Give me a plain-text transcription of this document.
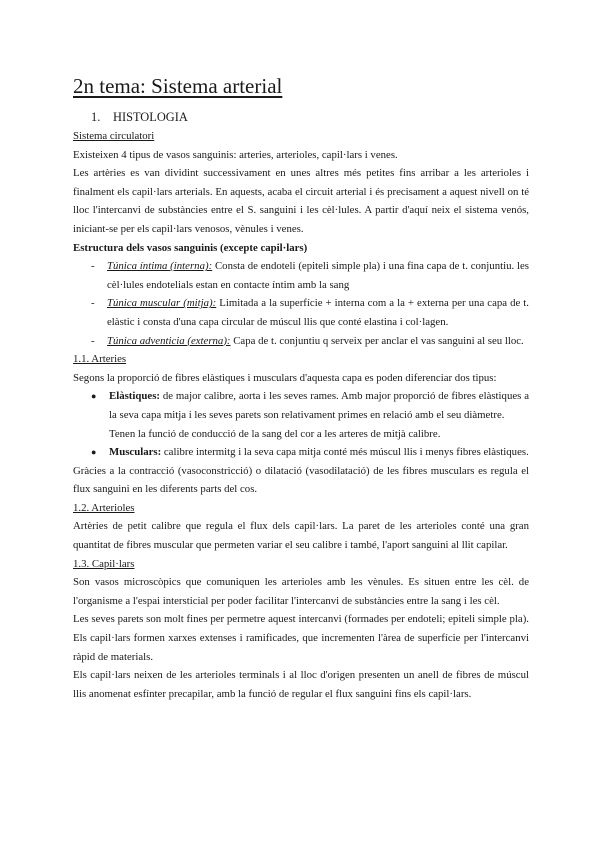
2n tema: Sistema arterial
1.	HISTOLOGIA

Sistema circulatori

Existeixen 4 tipus de vasos sanguinis: arteries, arterioles, capil·lars i venes.

Les artèries es van dividint successivament en unes altres més petites fins arribar a les arterioles i finalment els capil·lars arterials. En aquests, acaba el circuit arterial i és precisament a aquest nivell on té lloc l'intercanvi de substàncies entre el S. sanguini i les cèl·lules. A partir d'aquí neix el sistema venós, iniciant-se per els capil·lars venosos, vènules i venes.

Estructura dels vasos sanguinis (excepte capil·lars)

- Túnica íntima (interna): Consta de endoteli (epiteli simple pla) i una fina capa de t. conjuntiu. les cèl·lules endotelials estan en contacte íntim amb la sang
- Túnica muscular (mitja): Limitada a la superfície + interna com a la + externa per una capa de t. elàstic i consta d'una capa circular de múscul llis que conté elastina i col·lagen.
- Túnica adventicia (externa): Capa de t. conjuntiu q serveix per anclar el vas sanguini al seu lloc.

1.1. Arteries

Segons la proporció de fibres elàstiques i musculars d'aquesta capa es poden diferenciar dos tipus:

● Elàstiques: de major calibre, aorta i les seves rames. Amb major proporció de fibres elàstiques a la seva capa mitja i les seves parets son relativament primes en relació amb el seu diàmetre.
Tenen la funció de conducció de la sang del cor a les arteres de mitjà calibre.
● Musculars: calibre intermitg i la seva capa mitja conté més múscul llis i menys fibres elàstiques.

Gràcies a la contracció (vasoconstricció) o dilatació (vasodilatació) de les fibres musculars es regula el flux sanguini en les diferents parts del cos.

1.2. Arterioles

Artèries de petit calibre que regula el flux dels capil·lars. La paret de les arterioles conté una gran quantitat de fibres muscular que permeten variar el seu calibre i també, l'aport sanguini al llit capilar.

1.3. Capil·lars

Son vasos microscòpics que comuniquen les arterioles amb les vènules. Es situen entre les cèl. de l'organisme a l'espai intersticial per poder facilitar l'intercanvi de substàncies entre la sang i les cèl.

Les seves parets son molt fines per permetre aquest intercanvi (formades per endoteli; epiteli simple pla). Els capil·lars formen xarxes extenses i ramificades, que incrementen l'àrea de superfície per l'intercanvi ràpid de materials.

Els capil·lars neixen de les arterioles terminals i al lloc d'origen presenten un anell de fibres de múscul llis anomenat esfínter precapilar, amb la funció de regular el flux sanguini fins els capil·lars.
